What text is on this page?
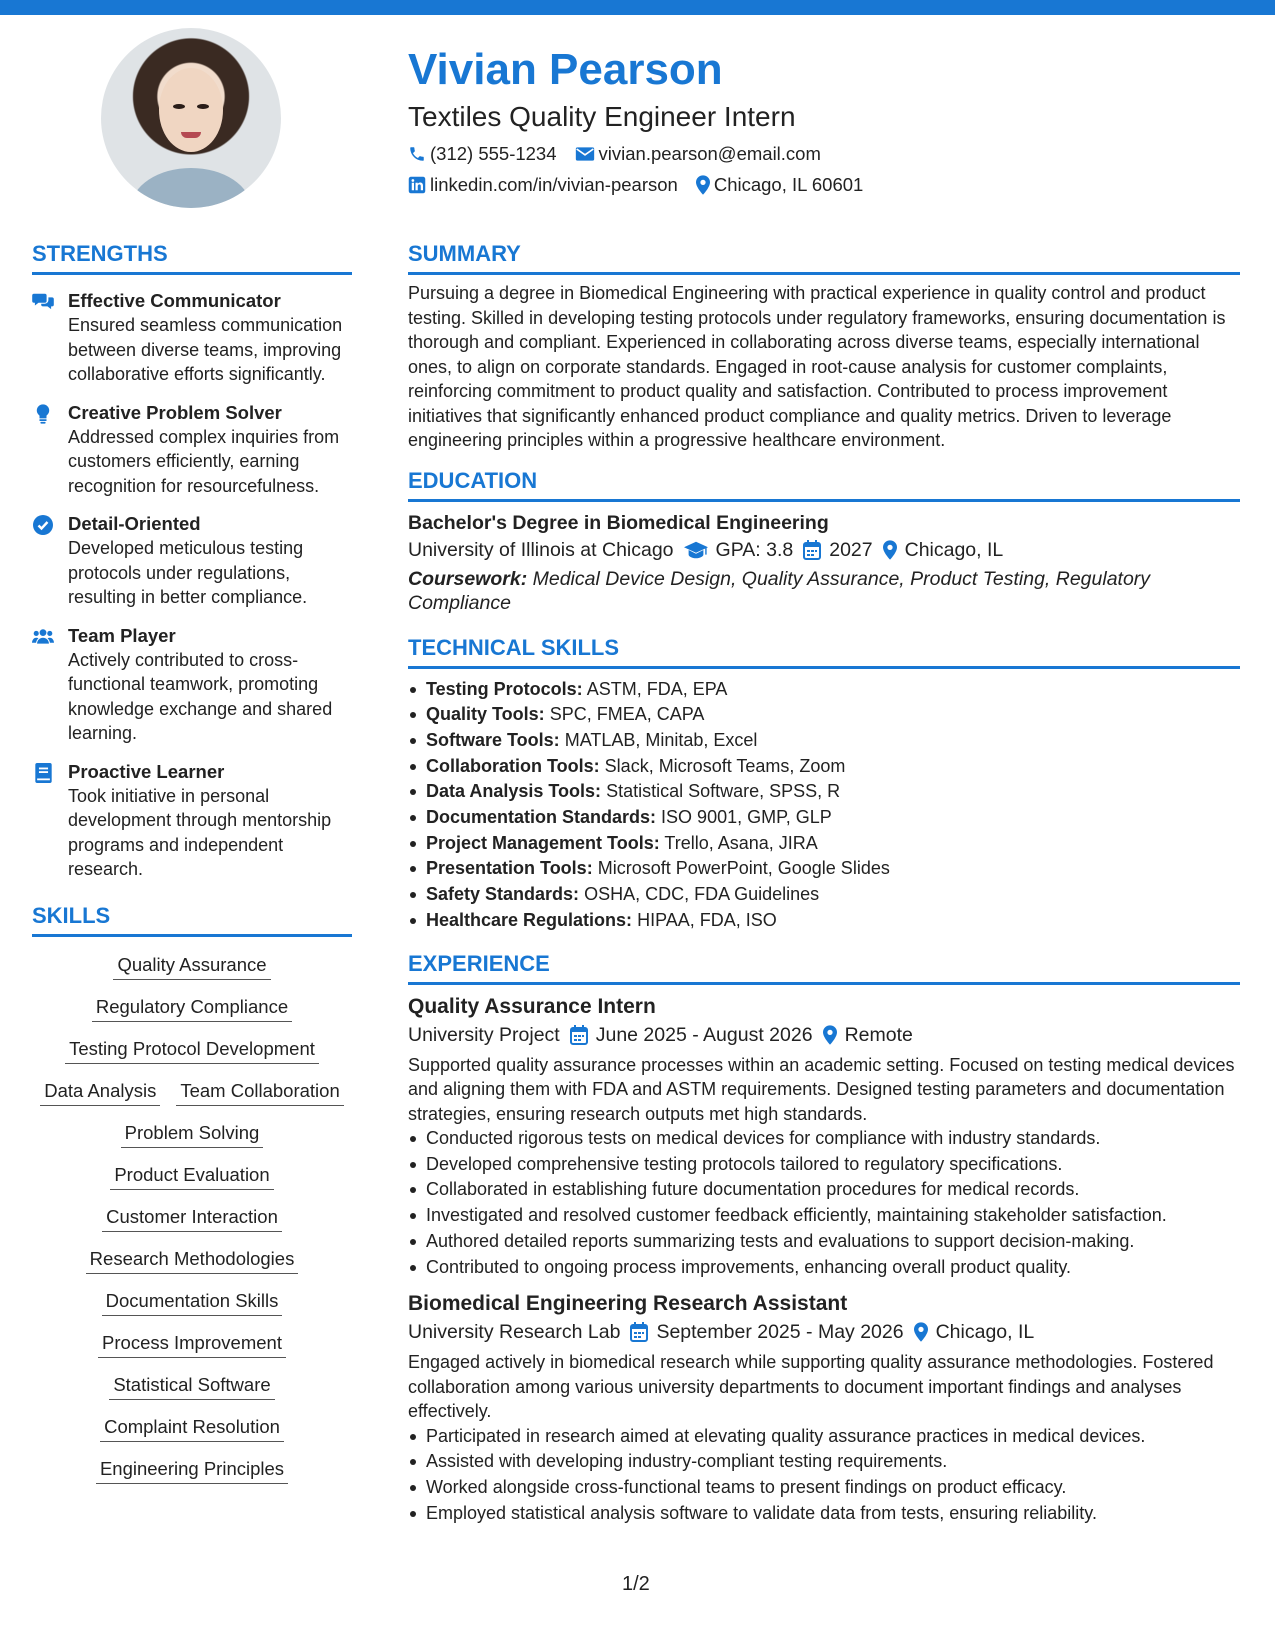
Vivian Pearson
Textiles Quality Engineer Intern
(312) 555-1234 vivian.pearson@email.com
linkedin.com/in/vivian-pearson Chicago, IL 60601
STRENGTHS
Effective Communicator
Ensured seamless communication between diverse teams, improving collaborative efforts significantly.
Creative Problem Solver
Addressed complex inquiries from customers efficiently, earning recognition for resourcefulness.
Detail-Oriented
Developed meticulous testing protocols under regulations, resulting in better compliance.
Team Player
Actively contributed to cross-functional teamwork, promoting knowledge exchange and shared learning.
Proactive Learner
Took initiative in personal development through mentorship programs and independent research.
SKILLS
Quality Assurance
Regulatory Compliance
Testing Protocol Development
Data Analysis Team Collaboration
Problem Solving
Product Evaluation
Customer Interaction
Research Methodologies
Documentation Skills
Process Improvement
Statistical Software
Complaint Resolution
Engineering Principles
SUMMARY
Pursuing a degree in Biomedical Engineering with practical experience in quality control and product testing. Skilled in developing testing protocols under regulatory frameworks, ensuring documentation is thorough and compliant. Experienced in collaborating across diverse teams, especially international ones, to align on corporate standards. Engaged in root-cause analysis for customer complaints, reinforcing commitment to product quality and satisfaction. Contributed to process improvement initiatives that significantly enhanced product compliance and quality metrics. Driven to leverage engineering principles within a progressive healthcare environment.
EDUCATION
Bachelor's Degree in Biomedical Engineering
University of Illinois at Chicago GPA: 3.8 2027 Chicago, IL
Coursework: Medical Device Design, Quality Assurance, Product Testing, Regulatory Compliance
TECHNICAL SKILLS
Testing Protocols: ASTM, FDA, EPA
Quality Tools: SPC, FMEA, CAPA
Software Tools: MATLAB, Minitab, Excel
Collaboration Tools: Slack, Microsoft Teams, Zoom
Data Analysis Tools: Statistical Software, SPSS, R
Documentation Standards: ISO 9001, GMP, GLP
Project Management Tools: Trello, Asana, JIRA
Presentation Tools: Microsoft PowerPoint, Google Slides
Safety Standards: OSHA, CDC, FDA Guidelines
Healthcare Regulations: HIPAA, FDA, ISO
EXPERIENCE
Quality Assurance Intern
University Project June 2025 - August 2026 Remote
Supported quality assurance processes within an academic setting. Focused on testing medical devices and aligning them with FDA and ASTM requirements. Designed testing parameters and documentation strategies, ensuring research outputs met high standards.
Conducted rigorous tests on medical devices for compliance with industry standards.
Developed comprehensive testing protocols tailored to regulatory specifications.
Collaborated in establishing future documentation procedures for medical records.
Investigated and resolved customer feedback efficiently, maintaining stakeholder satisfaction.
Authored detailed reports summarizing tests and evaluations to support decision-making.
Contributed to ongoing process improvements, enhancing overall product quality.
Biomedical Engineering Research Assistant
University Research Lab September 2025 - May 2026 Chicago, IL
Engaged actively in biomedical research while supporting quality assurance methodologies. Fostered collaboration among various university departments to document important findings and analyses effectively.
Participated in research aimed at elevating quality assurance practices in medical devices.
Assisted with developing industry-compliant testing requirements.
Worked alongside cross-functional teams to present findings on product efficacy.
Employed statistical analysis software to validate data from tests, ensuring reliability.
1/2
